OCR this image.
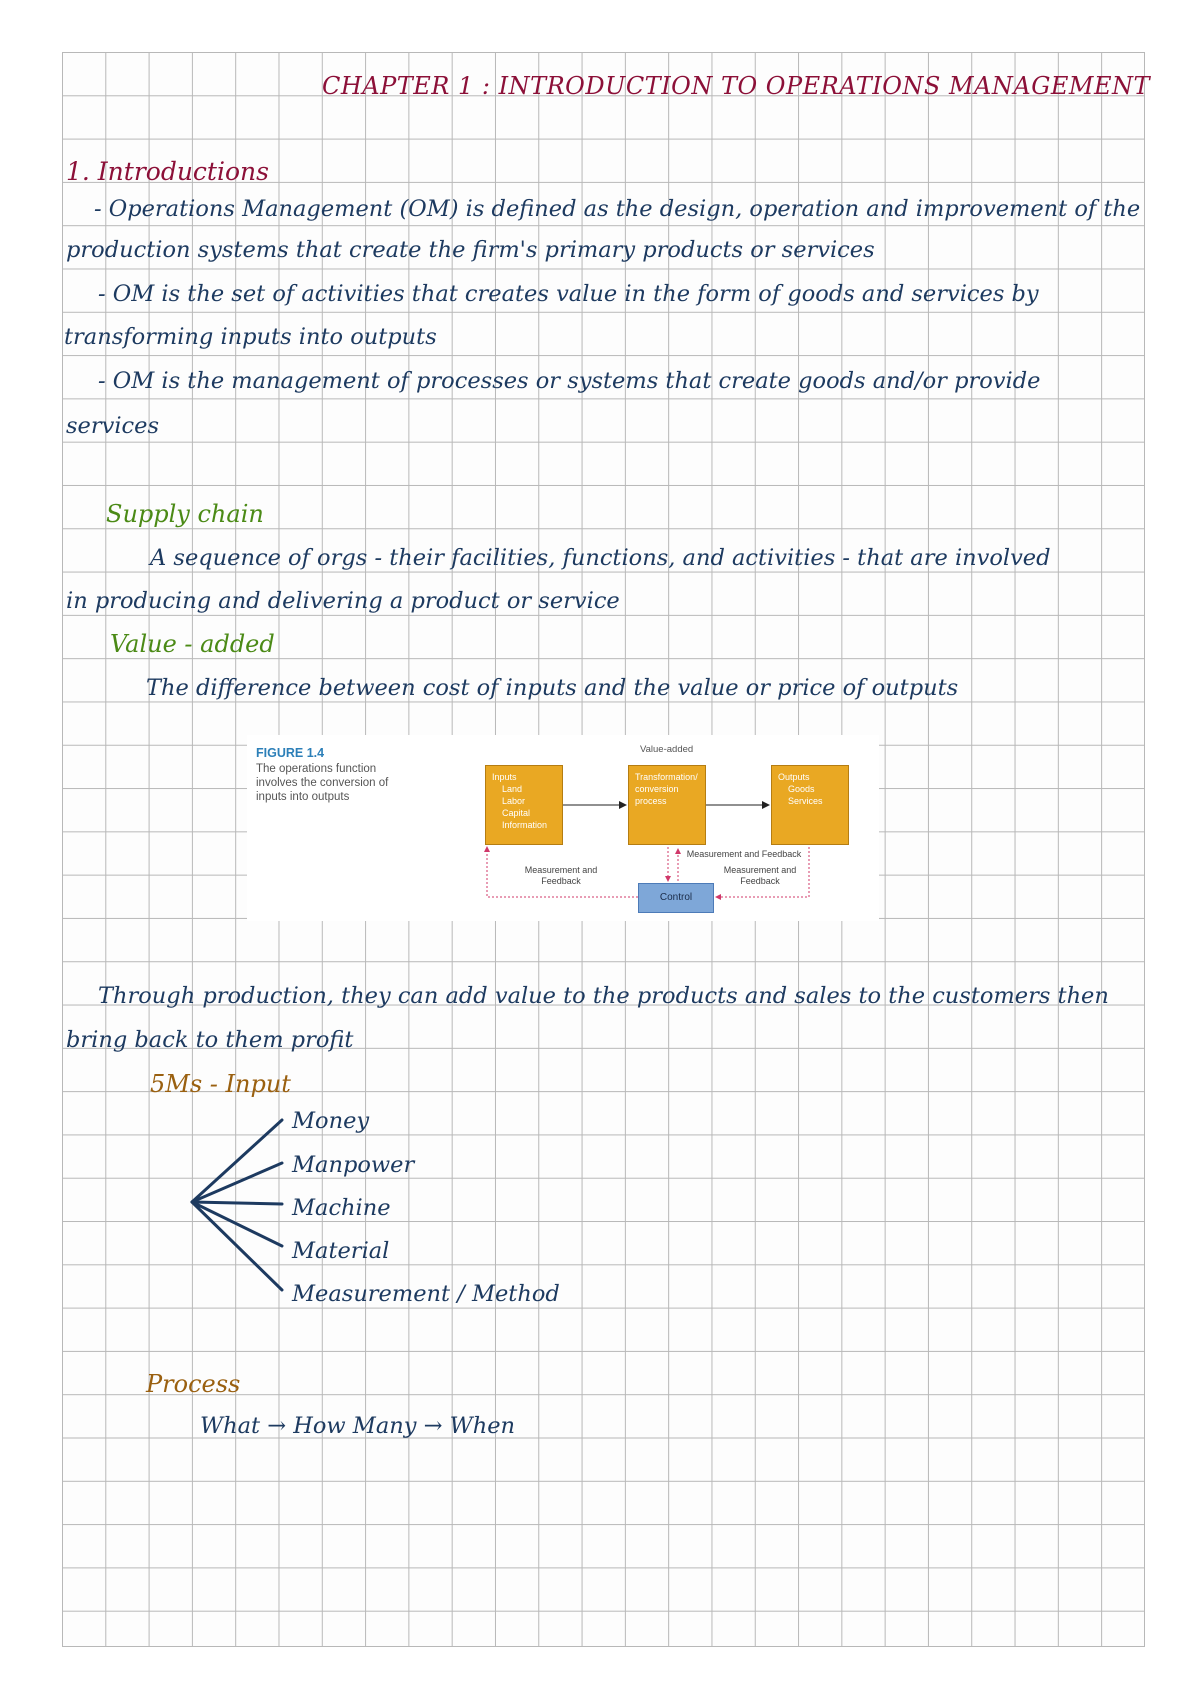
CHAPTER 1 : INTRODUCTION TO OPERATIONS MANAGEMENT
1. Introductions
- Operations Management (OM) is defined as the design, operation and improvement of the
production systems that create the firm's primary products or services
- OM is the set of activities that creates value in the form of goods and services by
transforming inputs into outputs
- OM is the management of processes or systems that create goods and/or provide
services
Supply chain
A sequence of orgs - their facilities, functions, and activities - that are involved
in producing and delivering a product or service
Value - added
The difference between cost of inputs and the value or price of outputs
FIGURE 1.4
The operations function
involves the conversion of
inputs into outputs
Value-added
Inputs
Land
Labor
Capital
Information
Transformation/
conversion
process
Outputs
Goods
Services
Measurement and
Feedback
Measurement and Feedback
Measurement and
Feedback
Control
Through production, they can add value to the products and sales to the customers then
bring back to them profit
5Ms - Input
Money
Manpower
Machine
Material
Measurement / Method
Process
What → How Many → When
